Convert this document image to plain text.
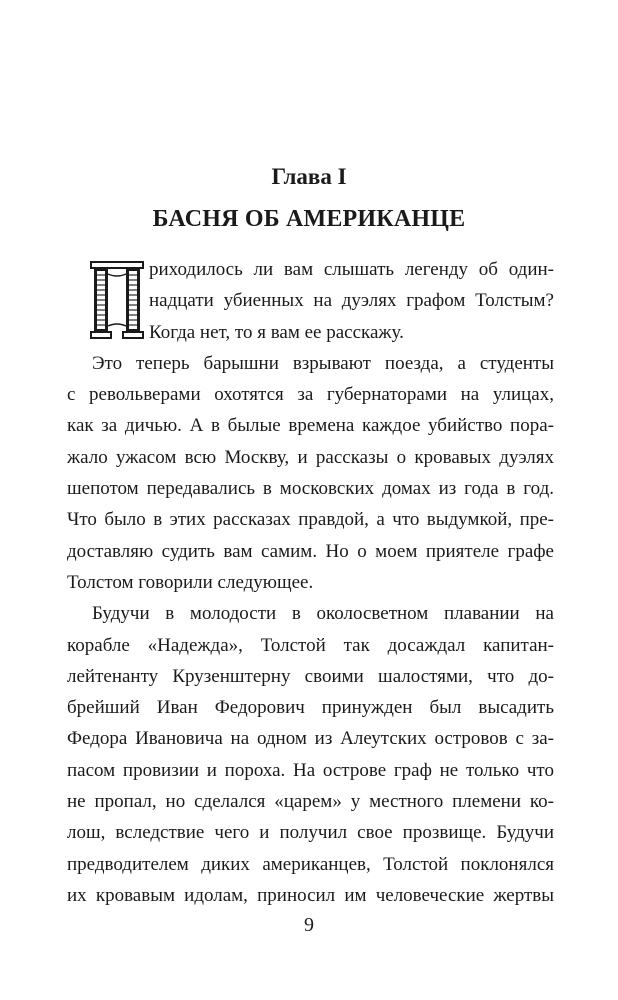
Глава I
БАСНЯ ОБ АМЕРИКАНЦЕ
риходилось ли вам слышать легенду об один-
надцати убиенных на дуэлях графом Толстым?
Когда нет, то я вам ее расскажу.
Это теперь барышни взрывают поезда, а студенты
с револьверами охотятся за губернаторами на улицах,
как за дичью. А в былые времена каждое убийство пора-
жало ужасом всю Москву, и рассказы о кровавых дуэлях
шепотом передавались в московских домах из года в год.
Что было в этих рассказах правдой, а что выдумкой, пре-
доставляю судить вам самим. Но о моем приятеле графе
Толстом говорили следующее.
Будучи в молодости в околосветном плавании на
корабле «Надежда», Толстой так досаждал капитан-
лейтенанту Крузенштерну своими шалостями, что до-
брейший Иван Федорович принужден был высадить
Федора Ивановича на одном из Алеутских островов с за-
пасом провизии и пороха. На острове граф не только что
не пропал, но сделался «царем» у местного племени ко-
лош, вследствие чего и получил свое прозвище. Будучи
предводителем диких американцев, Толстой поклонялся
их кровавым идолам, приносил им человеческие жертвы
9
